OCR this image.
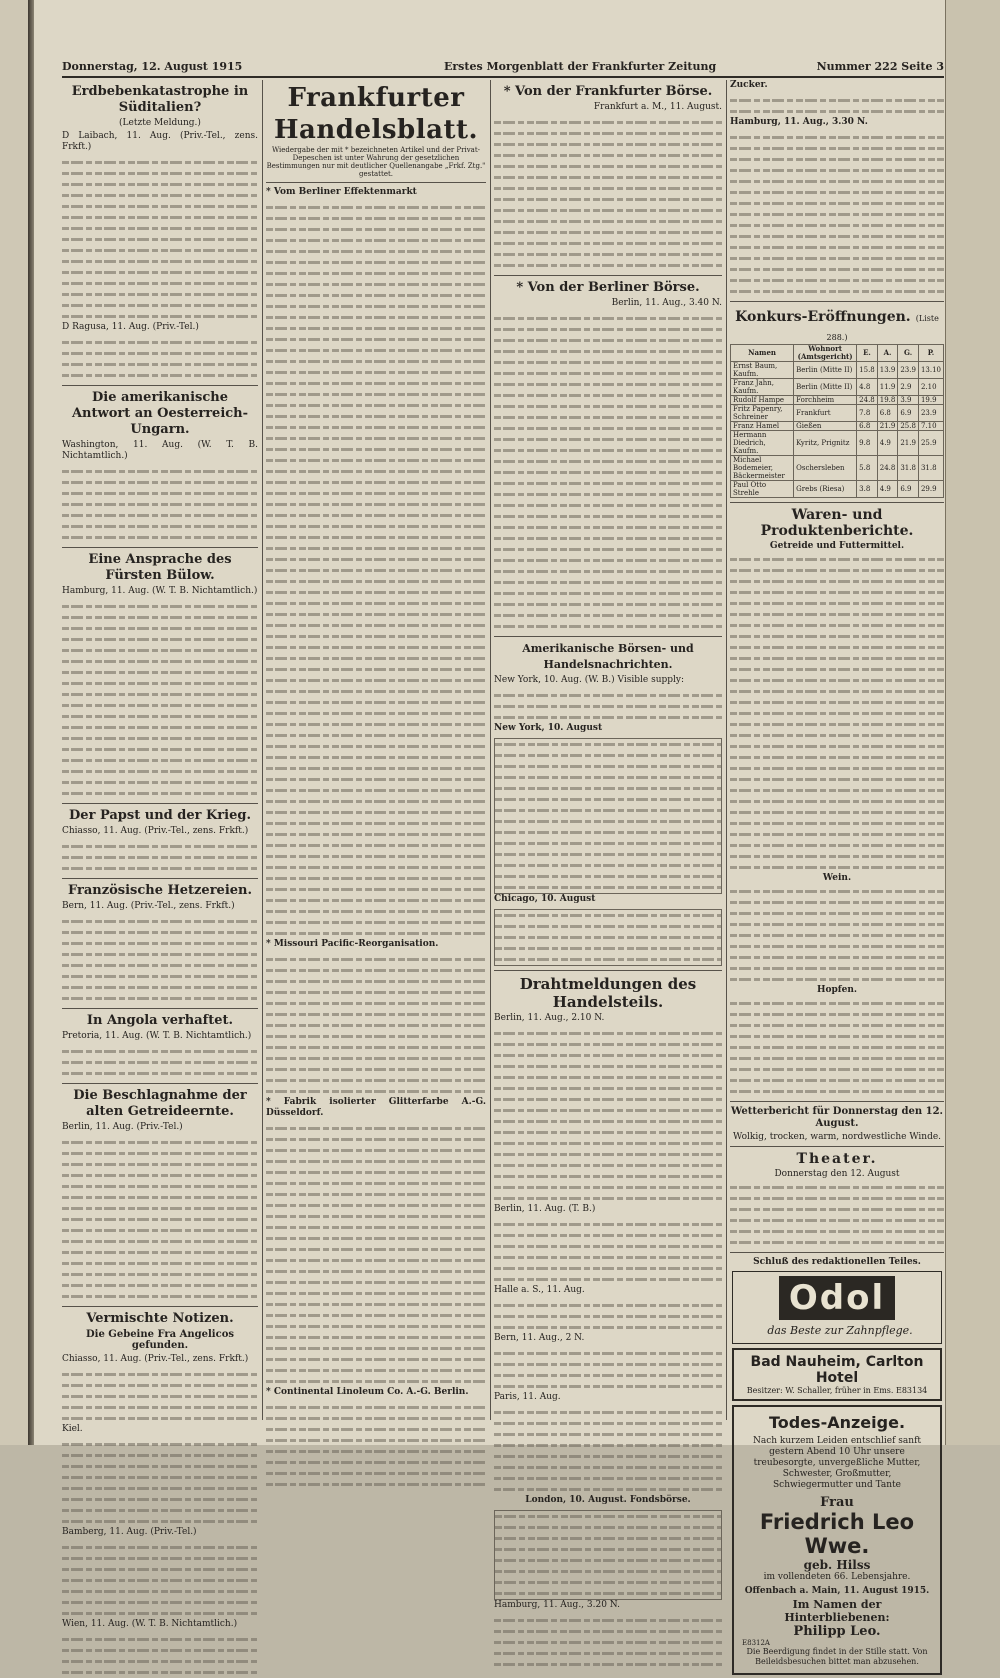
Donnerstag, 12. August 1915	Erstes Morgenblatt der Frankfurter Zeitung	Nummer 222 Seite 3
Erdbebenkatastrophe in Süditalien?
(Letzte Meldung.)
D Laibach, 11. Aug. (Priv.-Tel., zens. Frkft.)
D Ragusa, 11. Aug. (Priv.-Tel.)
Die amerikanische Antwort an Oesterreich-Ungarn.
Washington, 11. Aug. (W. T. B. Nichtamtlich.)
Eine Ansprache des Fürsten Bülow.
Hamburg, 11. Aug. (W. T. B. Nichtamtlich.)
Der Papst und der Krieg.
Chiasso, 11. Aug. (Priv.-Tel., zens. Frkft.)
Französische Hetzereien.
Bern, 11. Aug. (Priv.-Tel., zens. Frkft.)
In Angola verhaftet.
Pretoria, 11. Aug. (W. T. B. Nichtamtlich.)
Die Beschlagnahme der alten Getreideernte.
Berlin, 11. Aug. (Priv.-Tel.)
Vermischte Notizen.
Die Gebeine Fra Angelicos gefunden.
Chiasso, 11. Aug. (Priv.-Tel., zens. Frkft.)
Kiel.
Bamberg, 11. Aug. (Priv.-Tel.)
Wien, 11. Aug. (W. T. B. Nichtamtlich.)
Frankfurter Handelsblatt.
Wiedergabe der mit * bezeichneten Artikel und der Privat-Depeschen ist unter Wahrung der gesetzlichen Bestimmungen nur mit deutlicher Quellenangabe „Frkf. Ztg." gestattet.
* Vom Berliner Effektenmarkt
* Missouri Pacific-Reorganisation.
* Fabrik isolierter Glitterfarbe A.-G. Düsseldorf.
* Continental Linoleum Co. A.-G. Berlin.
* Von der Frankfurter Börse.
Frankfurt a. M., 11. August.
* Von der Berliner Börse.
Berlin, 11. Aug., 3.40 N.
Amerikanische Börsen- und Handelsnachrichten.
New York, 10. Aug. (W. B.) Visible supply:
New York, 10. August
Chicago, 10. August
Drahtmeldungen des Handelsteils.
Berlin, 11. Aug., 2.10 N.
Berlin, 11. Aug. (T. B.)
Halle a. S., 11. Aug.
Bern, 11. Aug., 2 N.
Paris, 11. Aug.
London, 10. August. Fondsbörse.
Hamburg, 11. Aug., 3.20 N.
Zucker.
Hamburg, 11. Aug., 3.30 N.
Konkurs-Eröffnungen. (Liste 288.)
Namen	Wohnort (Amtsgericht)	E.	A.	G.	P.
Ernst Baum, Kaufm.	Berlin (Mitte II)	15.8	13.9	23.9	13.10
Franz Jahn, Kaufm.	Berlin (Mitte II)	4.8	11.9	2.9	2.10
Rudolf Hampe	Forchheim	24.8	19.8	3.9	19.9
Fritz Papenry, Schreiner	Frankfurt	7.8	6.8	6.9	23.9
Franz Hamel	Gießen	6.8	21.9	25.8	7.10
Hermann Diedrich, Kaufm.	Kyritz, Prignitz	9.8	4.9	21.9	25.9
Michael Bodemeier, Bäckermeister	Oschersleben	5.8	24.8	31.8	31.8
Paul Otto Strehle	Grebs (Riesa)	3.8	4.9	6.9	29.9
Waren- und Produktenberichte.
Getreide und Futtermittel.
Wein.
Hopfen.
Wetterbericht für Donnerstag den 12. August.
Wolkig, trocken, warm, nordwestliche Winde.
Theater.
Donnerstag den 12. August
Schluß des redaktionellen Teiles.
Odol das Beste zur Zahnpflege.
Bad Nauheim, Carlton Hotel
Besitzer: W. Schaller, früher in Ems. E83134
Todes-Anzeige.
Nach kurzem Leiden entschlief sanft gestern Abend 10 Uhr unsere treubesorgte, unvergeßliche Mutter, Schwester, Großmutter, Schwiegermutter und Tante
Frau
Friedrich Leo Wwe.
geb. Hilss
im vollendeten 66. Lebensjahre.
Offenbach a. Main, 11. August 1915.
Im Namen der Hinterbliebenen:
Philipp Leo.
E8312A
Die Beerdigung findet in der Stille statt. Von Beileidsbesuchen bittet man abzusehen.
